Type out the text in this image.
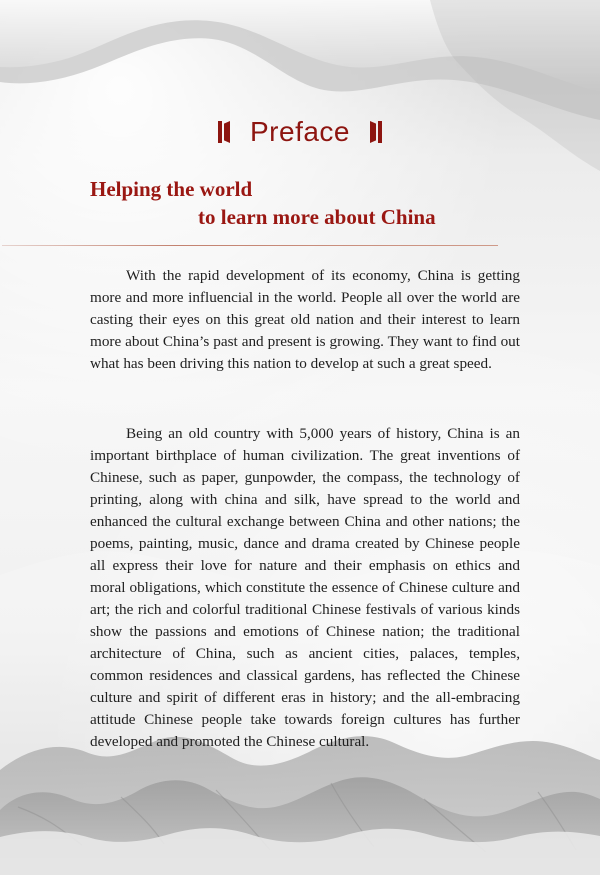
Preface
Helping the world
to learn more about China

With the rapid development of its economy, China is getting more and more influencial in the world. People all over the world are casting their eyes on this great old nation and their interest to learn more about China’s past and present is growing. They want to find out what has been driving this nation to develop at such a great speed.

Being an old country with 5,000 years of history, China is an important birthplace of human civilization. The great inventions of Chinese, such as paper, gunpowder, the compass, the technology of printing, along with china and silk, have spread to the world and enhanced the cultural exchange between China and other nations; the poems, painting, music, dance and drama created by Chinese people all express their love for nature and their emphasis on ethics and moral obligations, which constitute the essence of Chinese culture and art; the rich and colorful traditional Chinese festivals of various kinds show the passions and emotions of Chinese nation; the traditional architecture of China, such as ancient cities, palaces, temples, common residences and classical gardens, has reflected the Chinese culture and spirit of different eras in history; and the all-embracing attitude Chinese people take towards foreign cultures has further developed and promoted the Chinese cultural.
